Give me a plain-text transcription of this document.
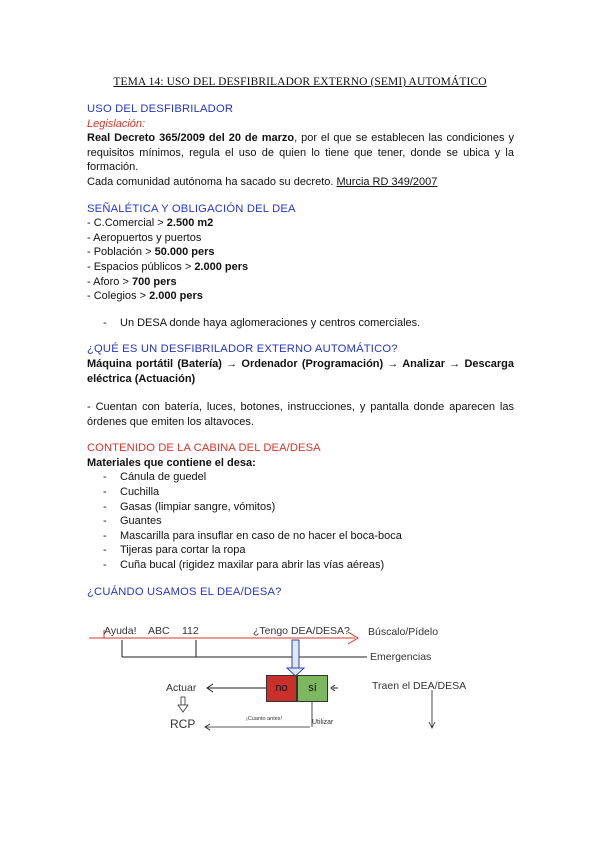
TEMA 14: USO DEL DESFIBRILADOR EXTERNO (SEMI) AUTOMÁTICO

USO DEL DESFIBRILADOR

Legislación:

Real Decreto 365/2009 del 20 de marzo, por el que se establecen las condiciones y requisitos mínimos, regula el uso de quien lo tiene que tener, donde se ubica y la formación.

Cada comunidad autónoma ha sacado su decreto. Murcia RD 349/2007

SEÑALÉTICA Y OBLIGACIÓN DEL DEA

- C.Comercial > 2.500 m2
- Aeropuertos y puertos
- Población > 50.000 pers
- Espacios públicos > 2.000 pers
- Aforo > 700 pers
- Colegios > 2.000 pers
- Un DESA donde haya aglomeraciones y centros comerciales.

¿QUÉ ES UN DESFIBRILADOR EXTERNO AUTOMÁTICO?

Máquina portátil (Batería) → Ordenador (Programación) → Analizar → Descarga eléctrica (Actuación)

- Cuentan con batería, luces, botones, instrucciones, y pantalla donde aparecen las órdenes que emiten los altavoces.

CONTENIDO DE LA CABINA DEL DEA/DESA

Materiales que contiene el desa:

- Cánula de guedel
- Cuchilla
- Gasas (limpiar sangre, vómitos)
- Guantes
- Mascarilla para insuflar en caso de no hacer el boca-boca
- Tijeras para cortar la ropa
- Cuña bucal (rigidez maxilar para abrir las vías aéreas)

¿CUÁNDO USAMOS EL DEA/DESA?

Ayuda! ABC 112	¿Tengo DEA/DESA? Búscalo/Pídelo
Emergencias
no	sí	Traen el DEA/DESA
Actuar
RCP	¡Cuanto antes!	Utilizar
